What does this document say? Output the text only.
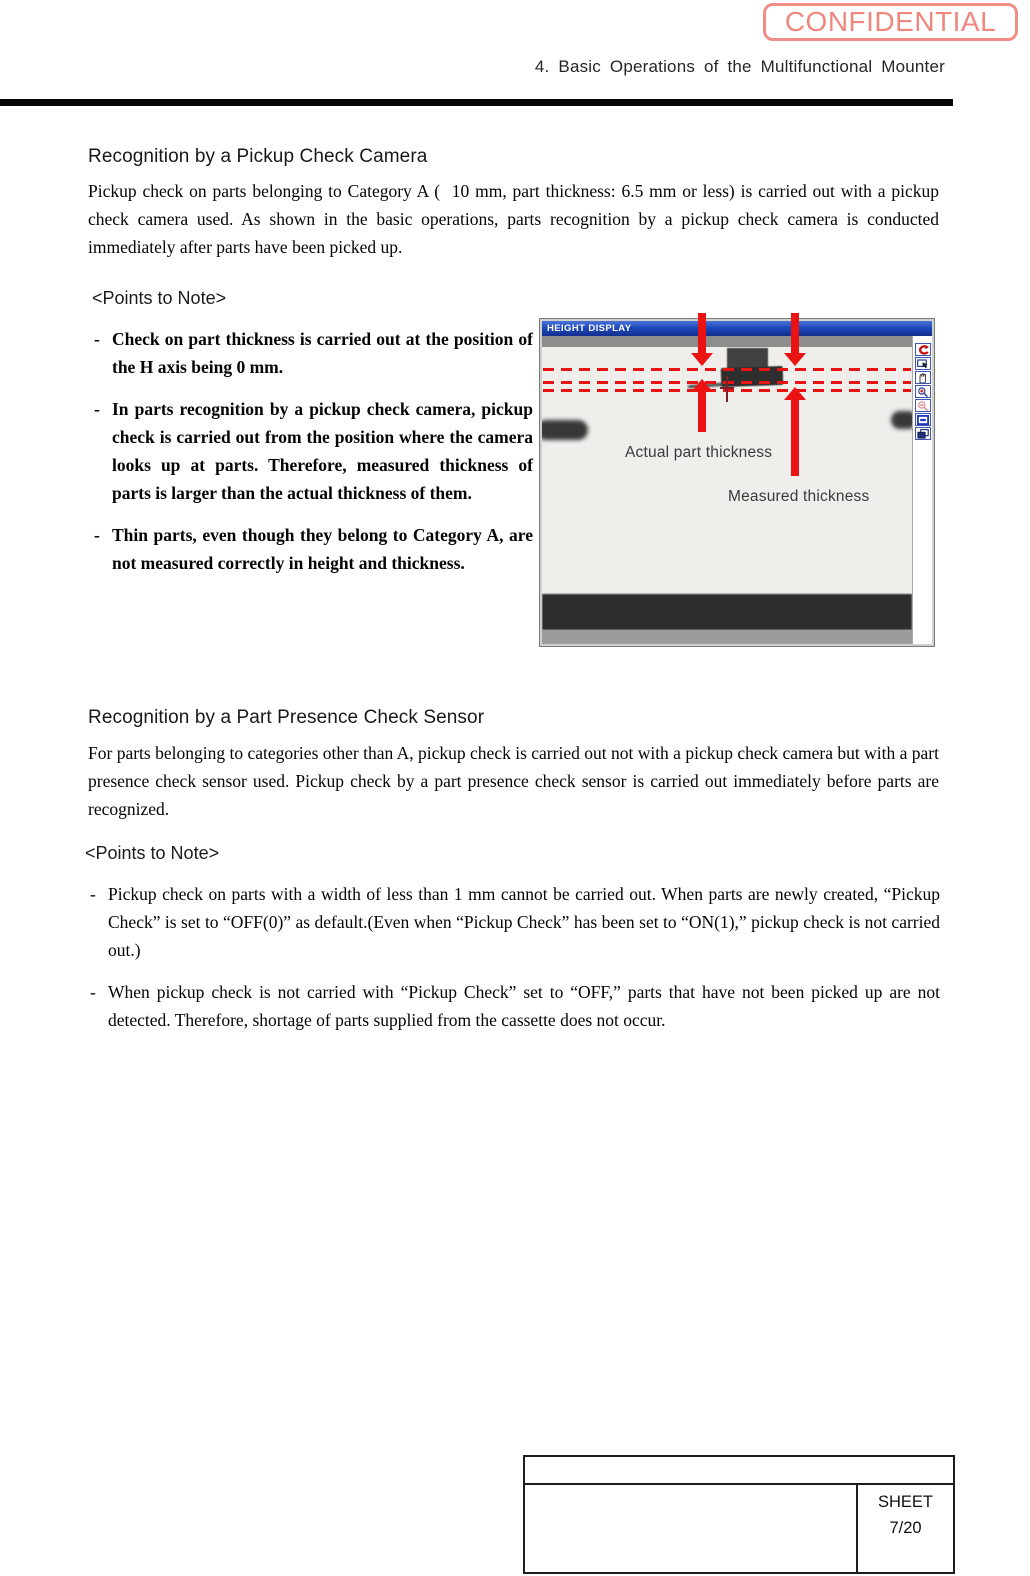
CONFIDENTIAL
4. Basic Operations of the Multifunctional Mounter
Recognition by a Pickup Check Camera
Pickup check on parts belonging to Category A (  10 mm, part thickness: 6.5 mm or less) is carried out with a pickup check camera used. As shown in the basic operations, parts recognition by a pickup check camera is conducted immediately after parts have been picked up.
<Points to Note>
- Check on part thickness is carried out at the position of the H axis being 0 mm.
- In parts recognition by a pickup check camera, pickup check is carried out from the position where the camera looks up at parts. Therefore, measured thickness of parts is larger than the actual thickness of them.
- Thin parts, even though they belong to Category A, are not measured correctly in height and thickness.
HEIGHT DISPLAY
Actual part thickness
Measured thickness
Recognition by a Part Presence Check Sensor
For parts belonging to categories other than A, pickup check is carried out not with a pickup check camera but with a part presence check sensor used. Pickup check by a part presence check sensor is carried out immediately before parts are recognized.
<Points to Note>
- Pickup check on parts with a width of less than 1 mm cannot be carried out. When parts are newly created, “Pickup Check” is set to “OFF(0)” as default.(Even when “Pickup Check” has been set to “ON(1),” pickup check is not carried out.)
- When pickup check is not carried with “Pickup Check” set to “OFF,” parts that have not been picked up are not detected. Therefore, shortage of parts supplied from the cassette does not occur.
SHEET
7/20
